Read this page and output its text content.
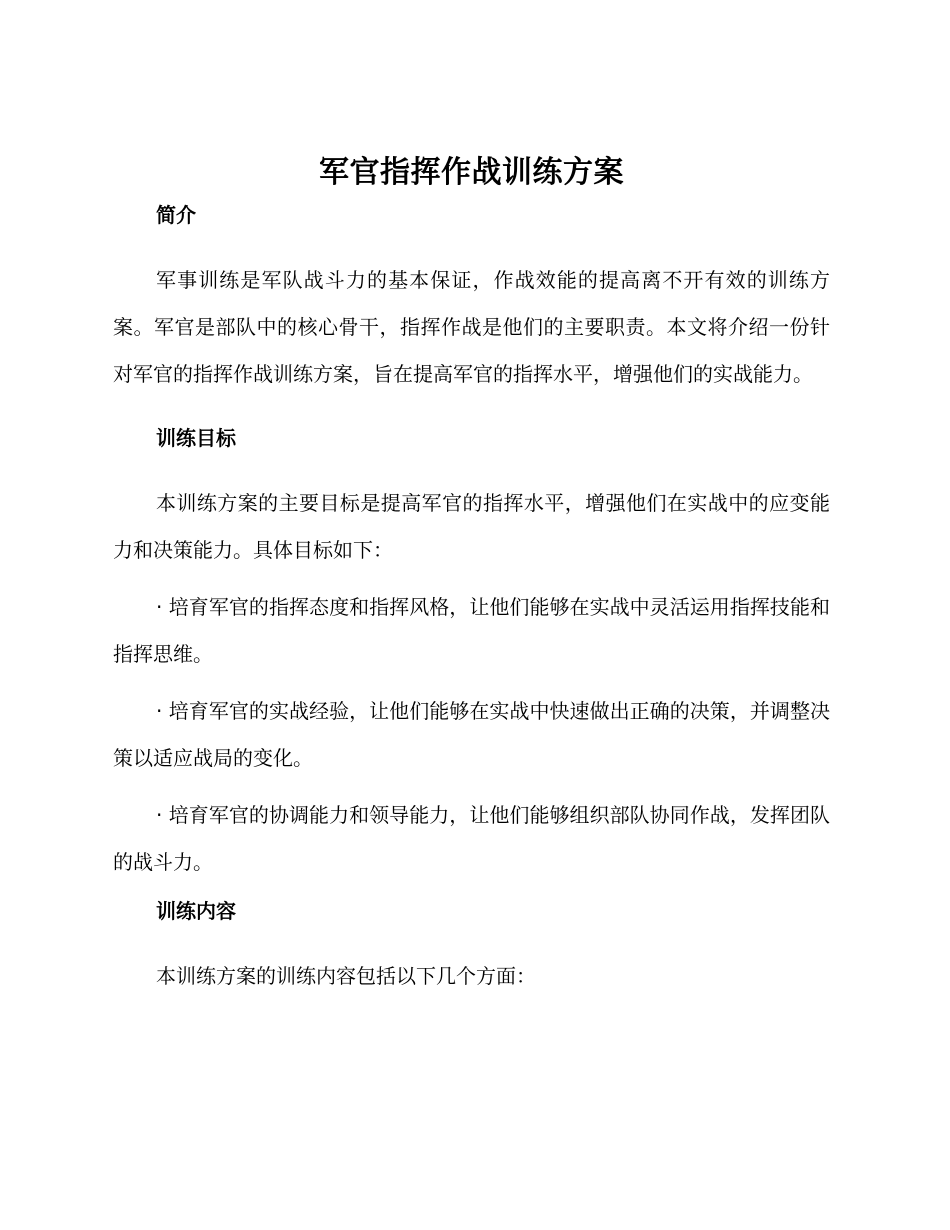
军官指挥作战训练方案
简介

军事训练是军队战斗力的基本保证，作战效能的提高离不开有效的训练方案。军官是部队中的核心骨干，指挥作战是他们的主要职责。本文将介绍一份针对军官的指挥作战训练方案，旨在提高军官的指挥水平，增强他们的实战能力。

训练目标

本训练方案的主要目标是提高军官的指挥水平，增强他们在实战中的应变能力和决策能力。具体目标如下：

· 培育军官的指挥态度和指挥风格，让他们能够在实战中灵活运用指挥技能和指挥思维。

· 培育军官的实战经验，让他们能够在实战中快速做出正确的决策，并调整决策以适应战局的变化。

· 培育军官的协调能力和领导能力，让他们能够组织部队协同作战，发挥团队的战斗力。

训练内容

本训练方案的训练内容包括以下几个方面：
